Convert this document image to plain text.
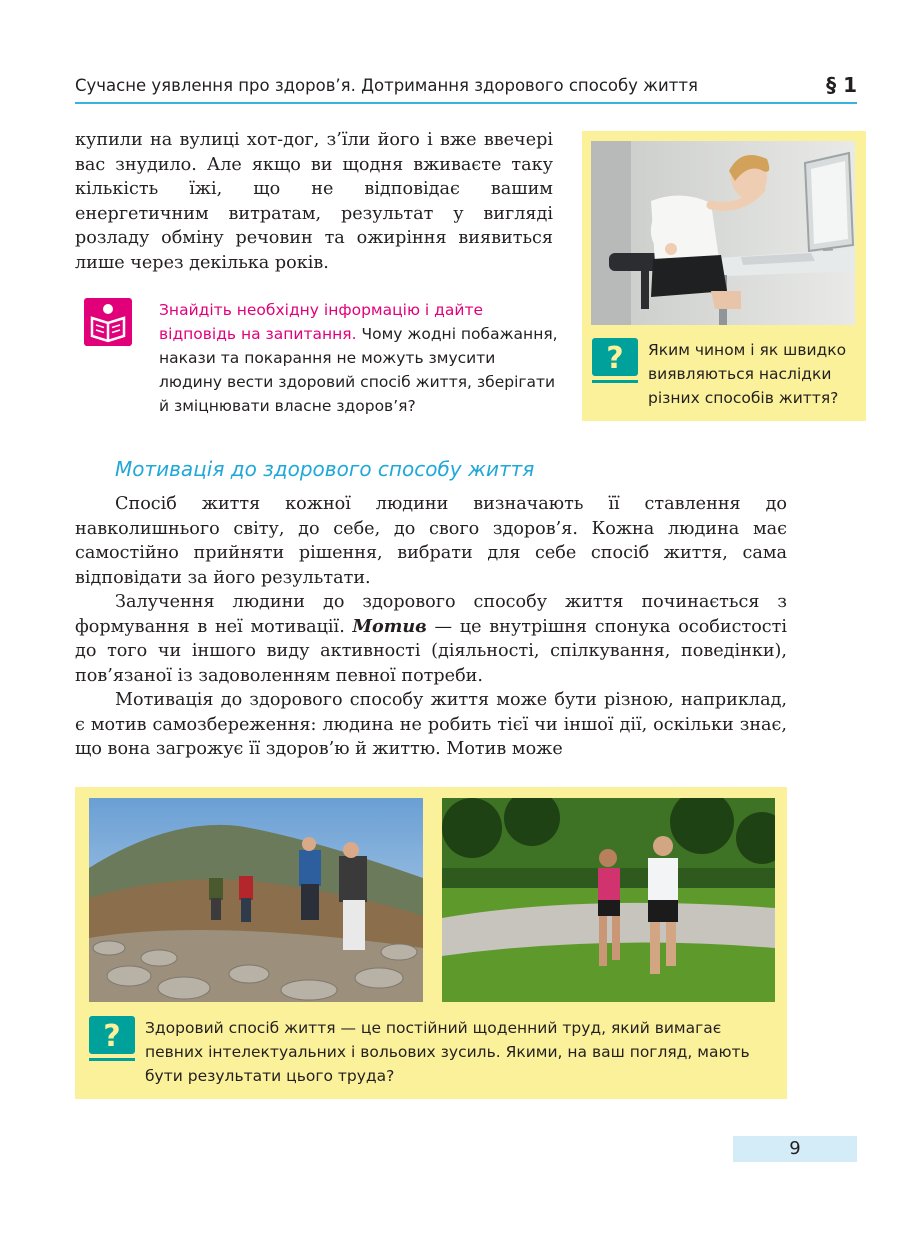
Сучасне уявлення про здоров’я. Дотримання здорового способу життя	§ 1

купили на вулиці хот-дог, з’їли його і вже ввечері вас знудило. Але якщо ви щодня вживаєте таку кількість їжі, що не відповідає вашим енергетичним витратам, результат у вигляді розладу обміну речовин та ожиріння виявиться лише через декілька років.

Знайдіть необхідну інформацію і дайте відповідь на запитання. Чому жодні побажання, накази та покарання не можуть змусити людину вести здоровий спосіб життя, зберігати й зміцнювати власне здоров’я?
? Яким чином і як швидко виявляються наслідки різних способів життя?
Мотивація до здорового способу життя

Спосіб життя кожної людини визначають її ставлення до навколишнього світу, до себе, до свого здоров’я. Кожна людина має самостійно прийняти рішення, вибрати для себе спосіб життя, сама відповідати за його результати.

Залучення людини до здорового способу життя починається з формування в неї мотивації. Мотив — це внутрішня спонука особистості до того чи іншого виду активності (діяльності, спілкування, поведінки), пов’язаної із задоволенням певної потреби.

Мотивація до здорового способу життя може бути різною, наприклад, є мотив самозбереження: людина не робить тієї чи іншої дії, оскільки знає, що вона загрожує її здоров’ю й життю. Мотив може

? Здоровий спосіб життя — це постійний щоденний труд, який вимагає певних інтелектуальних і вольових зусиль. Якими, на ваш погляд, мають бути результати цього труда?
9
